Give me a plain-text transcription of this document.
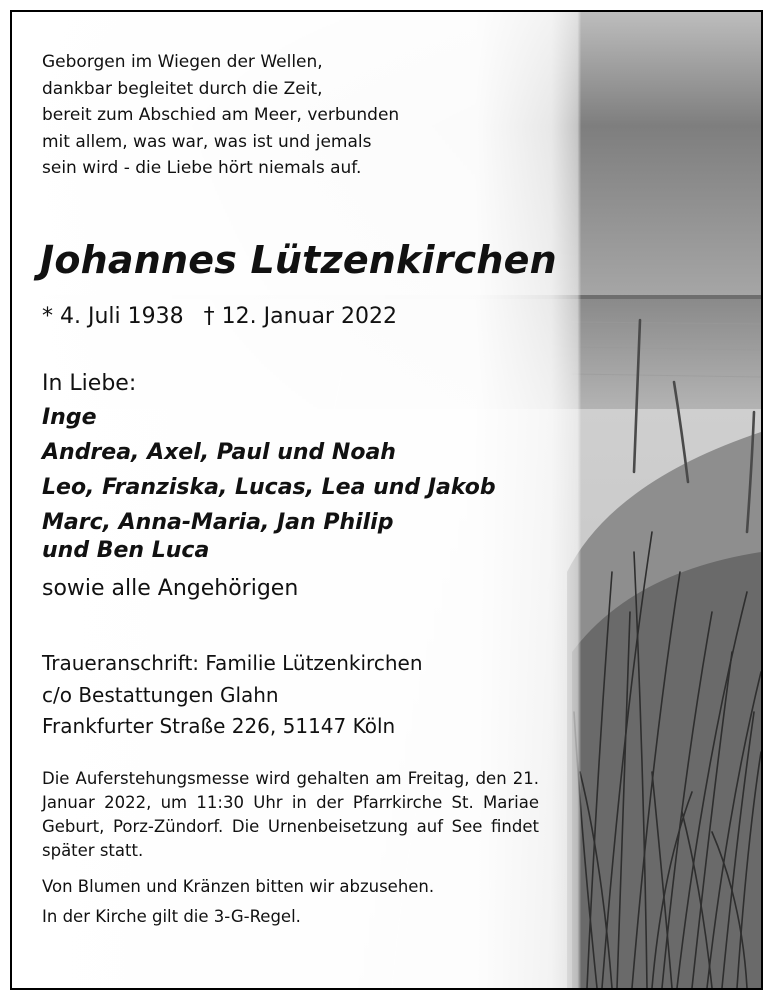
Geborgen im Wiegen der Wellen,
dankbar begleitet durch die Zeit,
bereit zum Abschied am Meer, verbunden
mit allem, was war, was ist und jemals
sein wird - die Liebe hört niemals auf.
Johannes Lützenkirchen
* 4. Juli 1938 † 12. Januar 2022
In Liebe:
Inge
Andrea, Axel, Paul und Noah
Leo, Franziska, Lucas, Lea und Jakob
Marc, Anna-Maria, Jan Philip
und Ben Luca
sowie alle Angehörigen
Traueranschrift: Familie Lützenkirchen
c/o Bestattungen Glahn
Frankfurter Straße 226, 51147 Köln
Die Auferstehungsmesse wird gehalten am Freitag, den 21. Januar 2022, um 11:30 Uhr in der Pfarrkirche St. Mariae Geburt, Porz-Zündorf. Die Urnenbeisetzung auf See findet später statt.
Von Blumen und Kränzen bitten wir abzusehen.
In der Kirche gilt die 3-G-Regel.
